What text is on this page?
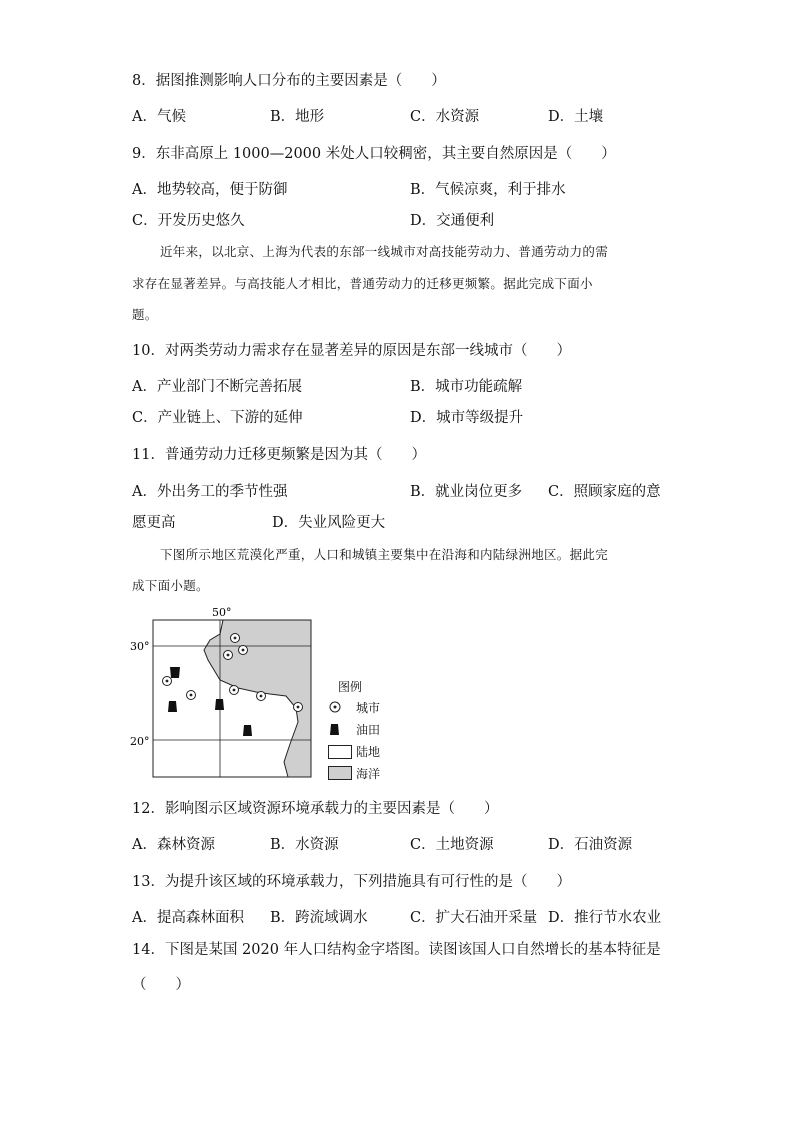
8．据图推测影响人口分布的主要因素是（　　）
A．气候	B．地形	C．水资源	D．土壤
9．东非高原上 1000—2000 米处人口较稠密，其主要自然原因是（　　）
A．地势较高，便于防御	B．气候凉爽，利于排水
C．开发历史悠久	D．交通便利
近年来，以北京、上海为代表的东部一线城市对高技能劳动力、普通劳动力的需
求存在显著差异。与高技能人才相比，普通劳动力的迁移更频繁。据此完成下面小
题。
10．对两类劳动力需求存在显著差异的原因是东部一线城市（　　）
A．产业部门不断完善拓展	B．城市功能疏解
C．产业链上、下游的延伸	D．城市等级提升
11．普通劳动力迁移更频繁是因为其（　　）
A．外出务工的季节性强	B．就业岗位更多 C．照顾家庭的意
愿更高	D．失业风险更大
下图所示地区荒漠化严重，人口和城镇主要集中在沿海和内陆绿洲地区。据此完
成下面小题。
50°
30°
20°
图例
城市
油田
陆地
海洋
12．影响图示区域资源环境承载力的主要因素是（　　）
A．森林资源	B．水资源	C．土地资源	D．石油资源
13．为提升该区域的环境承载力，下列措施具有可行性的是（　　）
A．提高森林面积 B．跨流域调水	C．扩大石油开采量 D．推行节水农业
14．下图是某国 2020 年人口结构金字塔图。读图该国人口自然增长的基本特征是
（　　）
